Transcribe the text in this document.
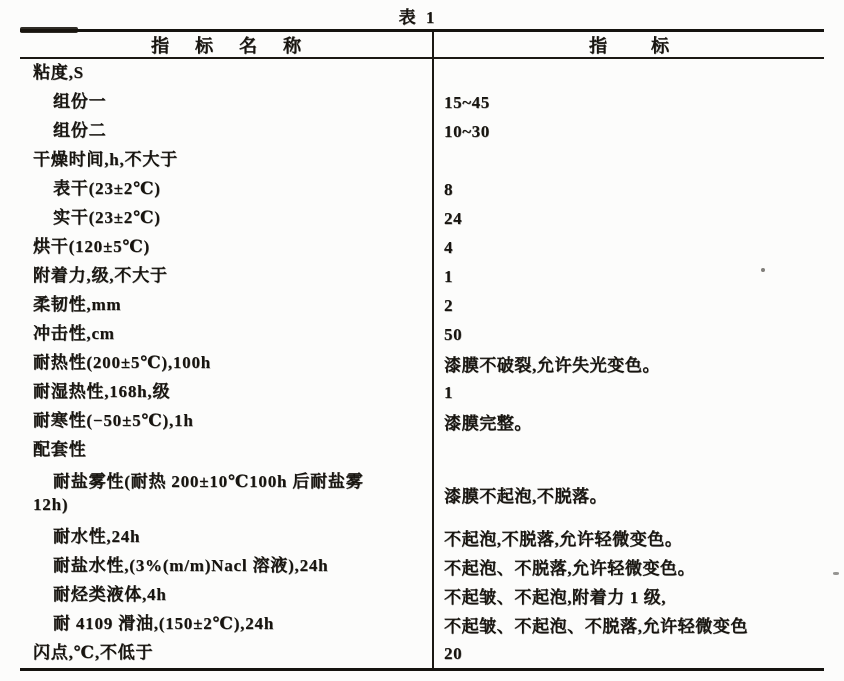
表 1
指标名称	指标
粘度,S
组份一	15~45
组份二	10~30
干燥时间,h,不大于
表干(23±2℃)	8
实干(23±2℃)	24
烘干(120±5℃)	4
附着力,级,不大于	1
柔韧性,mm	2
冲击性,cm	50
耐热性(200±5℃),100h	漆膜不破裂,允许失光变色。
耐湿热性,168h,级	1
耐寒性(−50±5℃),1h	漆膜完整。
配套性
耐盐雾性(耐热 200±10℃100h 后耐盐雾
12h)	漆膜不起泡,不脱落。
耐水性,24h	不起泡,不脱落,允许轻微变色。
耐盐水性,(3%(m/m)Nacl 溶液),24h	不起泡、不脱落,允许轻微变色。
耐烃类液体,4h	不起皱、不起泡,附着力 1 级,
耐 4109 滑油,(150±2℃),24h	不起皱、不起泡、不脱落,允许轻微变色
闪点,℃,不低于	20
